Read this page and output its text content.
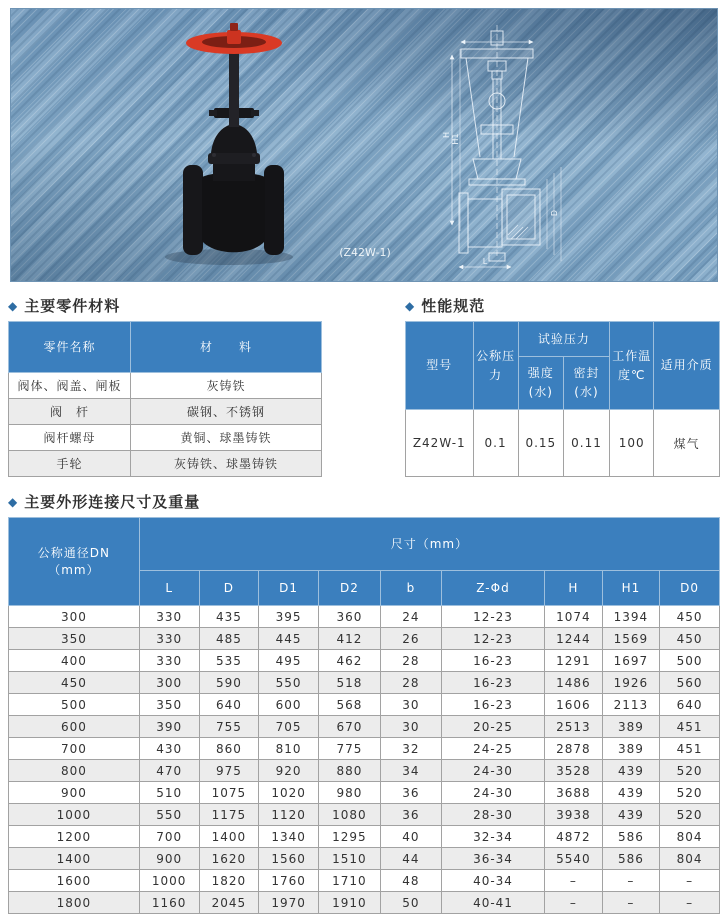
H H1
L
D
(Z42W-1)
◆ 主要零件材料
零件名称	材　　料
阀体、阀盖、闸板	灰铸铁
阀　杆	碳钢、不锈钢
阀杆螺母	黄铜、球墨铸铁
手轮	灰铸铁、球墨铸铁
◆ 性能规范
型号	公称压力	试验压力		工作温度℃	适用介质
		强度(水)	密封(水)		
Z42W-1	0.1	0.15	0.11	100	煤气
◆ 主要外形连接尺寸及重量
公称通径DN
（mm）	尺寸（mm）								
	L	D	D1	D2	b	Z-Φd	H	H1	D0
300	330	435	395	360	24	12-23	1074	1394	450
350	330	485	445	412	26	12-23	1244	1569	450
400	330	535	495	462	28	16-23	1291	1697	500
450	300	590	550	518	28	16-23	1486	1926	560
500	350	640	600	568	30	16-23	1606	2113	640
600	390	755	705	670	30	20-25	2513	389	451
700	430	860	810	775	32	24-25	2878	389	451
800	470	975	920	880	34	24-30	3528	439	520
900	510	1075	1020	980	36	24-30	3688	439	520
1000	550	1175	1120	1080	36	28-30	3938	439	520
1200	700	1400	1340	1295	40	32-34	4872	586	804
1400	900	1620	1560	1510	44	36-34	5540	586	804
1600	1000	1820	1760	1710	48	40-34	–	–	–
1800	1160	2045	1970	1910	50	40-41	–	–	–
